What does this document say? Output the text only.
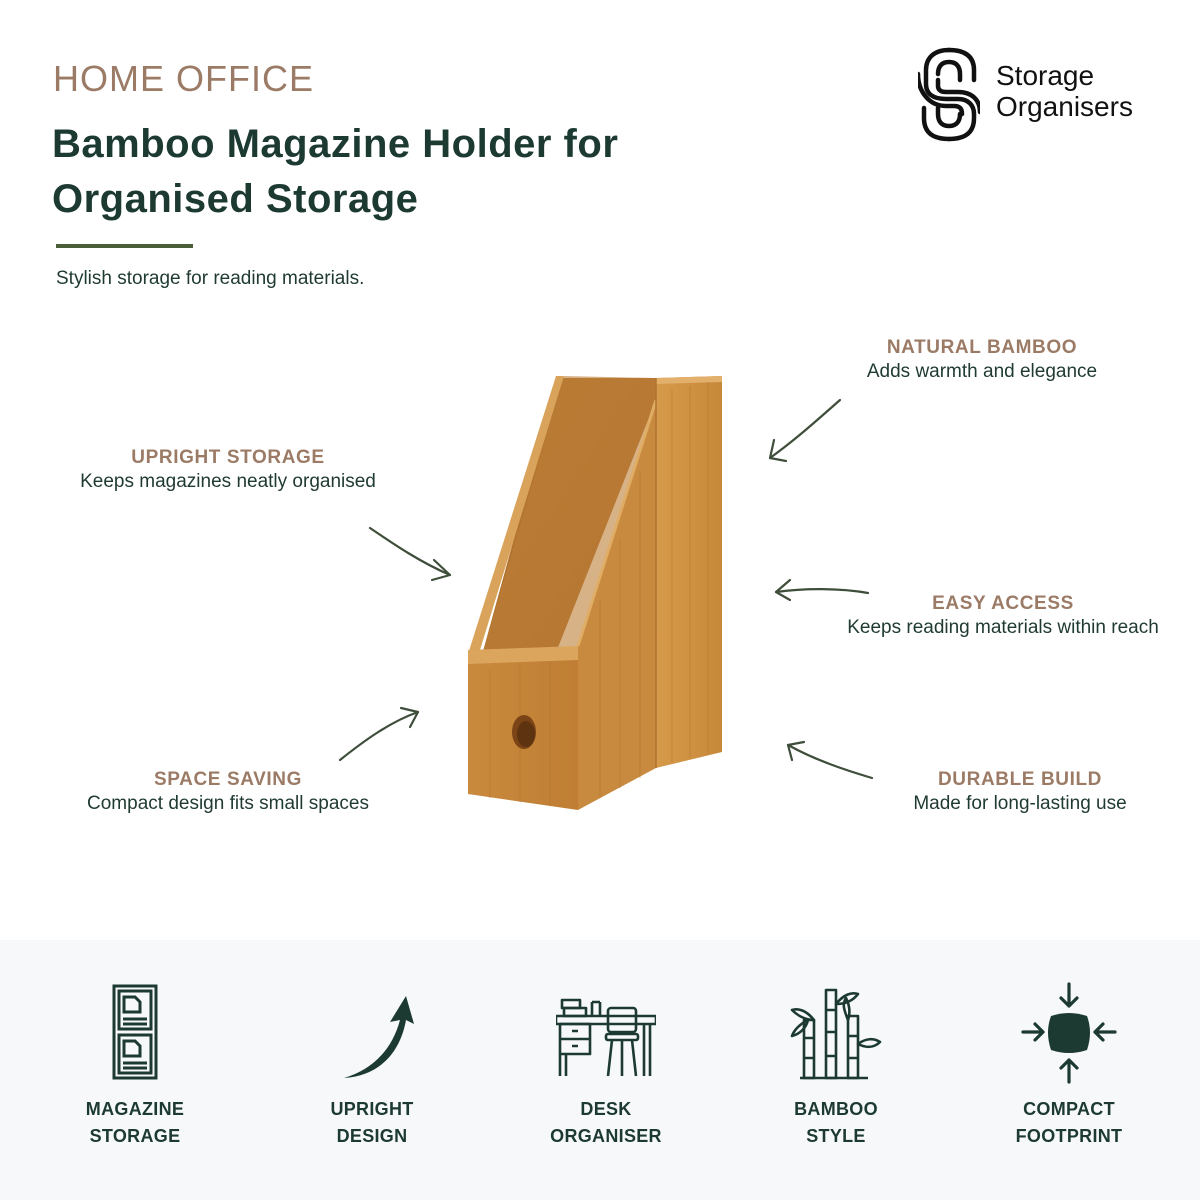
HOME OFFICE
Bamboo Magazine Holder for Organised Storage

Stylish storage for reading materials.

Storage
Organisers
NATURAL BAMBOO
Adds warmth and elegance
UPRIGHT STORAGE
Keeps magazines neatly organised
EASY ACCESS
Keeps reading materials within reach
SPACE SAVING
Compact design fits small spaces
DURABLE BUILD
Made for long-lasting use
MAGAZINE
STORAGE
UPRIGHT
DESIGN
DESK
ORGANISER
BAMBOO
STYLE
COMPACT
FOOTPRINT
